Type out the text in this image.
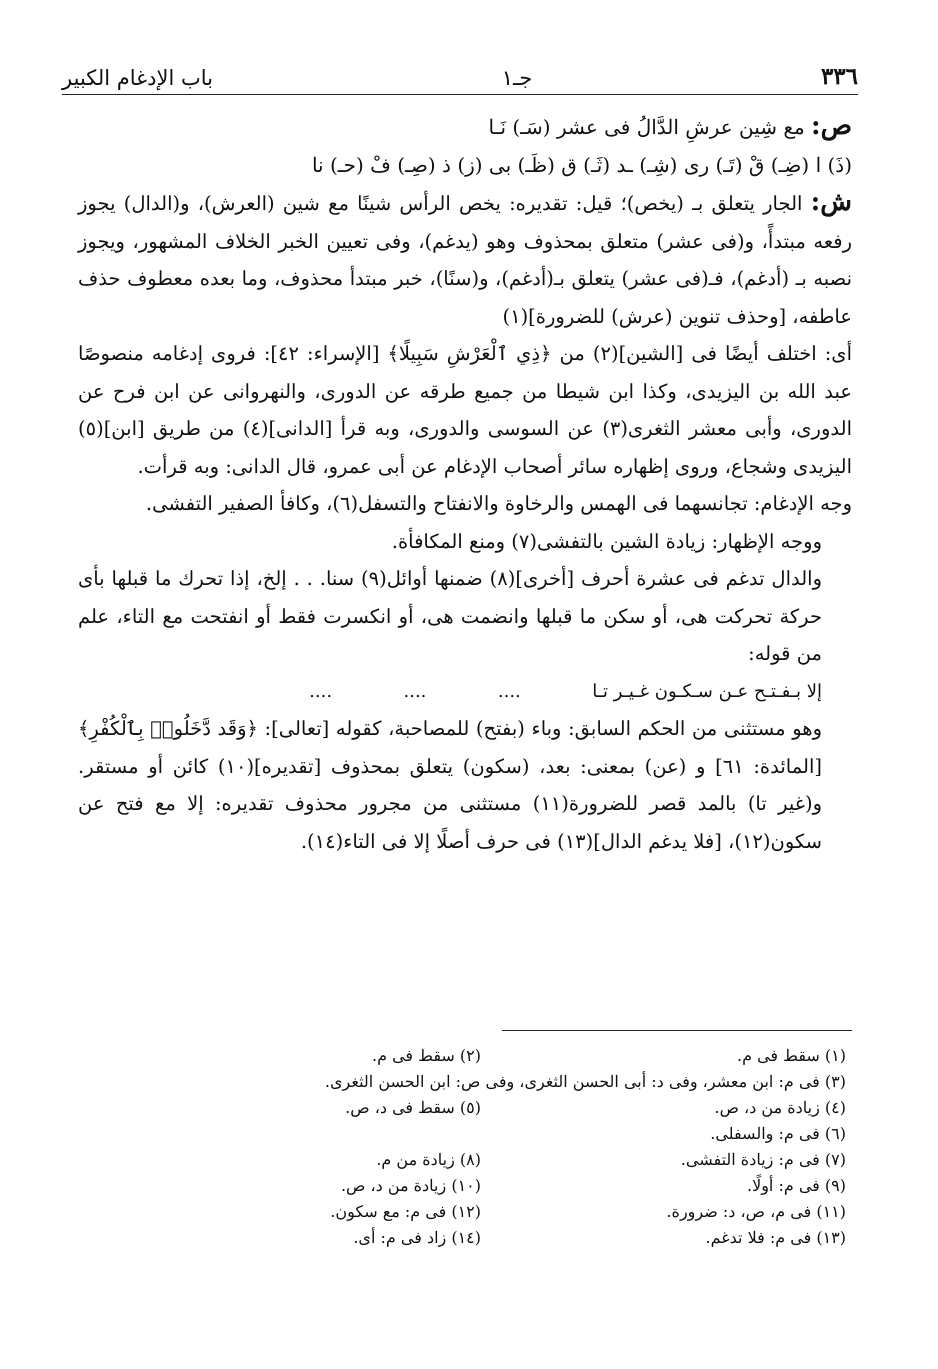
٣٣٦
جـ١
باب الإدغام الكبير

ص: مع شِين عرشِ الدَّالُ فى عشر (سَـ) نَـا

(ذَ) ا (ضِـ) قْ (تَـ) رى (شِـ) ـد (ثَـ) ق (ظَـ) بى (ز) ذ (صِـ) فْ (حـ) نا

ش: الجار يتعلق بـ (يخص)؛ قيل: تقديره: يخص الرأس شينًا مع شين (العرش)، و(الدال) يجوز رفعه مبتدأً، و(فى عشر) متعلق بمحذوف وهو (يدغم)، وفى تعيين الخبر الخلاف المشهور، ويجوز نصبه بـ (أدغم)، فـ(فى عشر) يتعلق بـ(أدغم)، و(سنًا)، خبر مبتدأ محذوف، وما بعده معطوف حذف عاطفه، [وحذف تنوين (عرش) للضرورة](١)

أى: اختلف أيضًا فى [الشين](٢) من ﴿ذِي ٱلْعَرْشِ سَبِيلًا﴾ [الإسراء: ٤٢]: فروى إدغامه منصوصًا عبد الله بن اليزيدى، وكذا ابن شيطا من جميع طرقه عن الدورى، والنهروانى عن ابن فرح عن الدورى، وأبى معشر الثغرى(٣) عن السوسى والدورى، وبه قرأ [الدانى](٤) من طريق [ابن](٥) اليزيدى وشجاع، وروى إظهاره سائر أصحاب الإدغام عن أبى عمرو، قال الدانى: وبه قرأت.

وجه الإدغام: تجانسهما فى الهمس والرخاوة والانفتاح والتسفل(٦)، وكافأ الصفير التفشى.

ووجه الإظهار: زيادة الشين بالتفشى(٧) ومنع المكافأة.

والدال تدغم فى عشرة أحرف [أخرى](٨) ضمنها أوائل(٩) سنا. . . إلخ، إذا تحرك ما قبلها بأى حركة تحركت هى، أو سكن ما قبلها وانضمت هى، أو انكسرت فقط أو انفتحت مع التاء، علم من قوله:

إلا بـفـتـح عـن سـكـون غـيـر تـا  ....  ....  ....

وهو مستثنى من الحكم السابق: وباء (بفتح) للمصاحبة، كقوله [تعالى]: ﴿وَقَد دَّخَلُوا۟ بِٱلْكُفْرِ﴾ [المائدة: ٦١] و (عن) بمعنى: بعد، (سكون) يتعلق بمحذوف [تقديره](١٠) كائن أو مستقر. و(غير تا) بالمد قصر للضرورة(١١) مستثنى من مجرور محذوف تقديره: إلا مع فتح عن سكون(١٢)، [فلا يدغم الدال](١٣) فى حرف أصلًا إلا فى التاء(١٤).

(١) سقط فى م.
(٢) سقط فى م.
(٣) فى م: ابن معشر، وفى د: أبى الحسن الثغرى، وفى ص: ابن الحسن الثغرى.
(٤) زيادة من د، ص.
(٥) سقط فى د، ص.
(٦) فى م: والسفلى.
(٧) فى م: زيادة التفشى.
(٨) زيادة من م.
(٩) فى م: أولًا.
(١٠) زيادة من د، ص.
(١١) فى م، ص، د: ضرورة.
(١٢) فى م: مع سكون.
(١٣) فى م: فلا تدغم.
(١٤) زاد فى م: أى.
